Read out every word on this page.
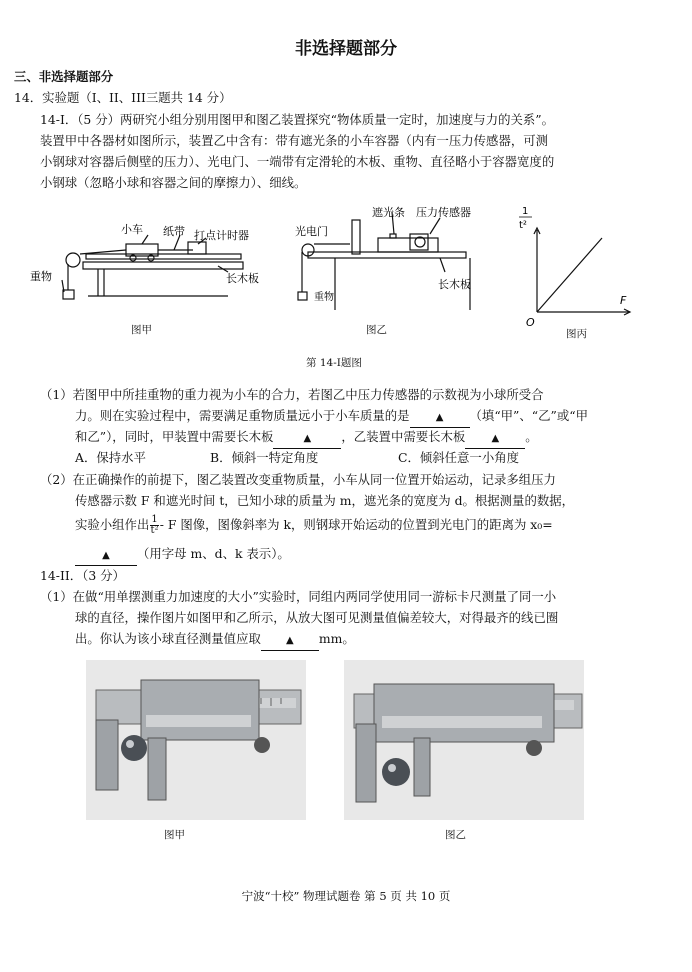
非选择题部分
三、非选择题部分
14．实验题（I、II、III三题共 14 分）
14-I．（5 分）两研究小组分别用图甲和图乙装置探究“物体质量一定时，加速度与力的关系”。
装置甲中各器材如图所示，装置乙中含有：带有遮光条的小车容器（内有一压力传感器，可测
小钢球对容器后侧壁的压力）、光电门、一端带有定滑轮的木板、重物、直径略小于容器宽度的
小钢球（忽略小球和容器之间的摩擦力）、细线。
小车 纸带 打点计时器
重物	长木板
图甲
光电门
遮光条 压力传感器
重物
长木板
图乙
1
t²
F
O
图丙
第 14-I题图
（1）若图甲中所挂重物的重力视为小车的合力，若图乙中压力传感器的示数视为小球所受合
力。则在实验过程中，需要满足重物质量远小于小车质量的是	▲ （填“甲”、“乙”或“甲
和乙”），同时，甲装置中需要长木板	▲ ，乙装置中需要长木板	▲ 。
A．保持水平	B．倾斜一特定角度	C．倾斜任意一小角度
（2）在正确操作的前提下，图乙装置改变重物质量，小车从同一位置开始运动，记录多组压力
传感器示数 F 和遮光时间 t，已知小球的质量为 m，遮光条的宽度为 d。根据测量的数据，
实验小组作出 $\frac{1}{\text{t²}}$ - F 图像，图像斜率为 k，则钢球开始运动的位置到光电门的距离为 x₀=
▲ （用字母 m、d、k 表示）。
14-II．（3 分）
（1）在做“用单摆测重力加速度的大小”实验时，同组内两同学使用同一游标卡尺测量了同一小
球的直径，操作图片如图甲和乙所示，从放大图可见测量值偏差较大，对得最齐的线已圈
出。你认为该小球直径测量值应取	▲ mm。
图甲	图乙
宁波“十校” 物理试题卷 第 5 页 共 10 页
